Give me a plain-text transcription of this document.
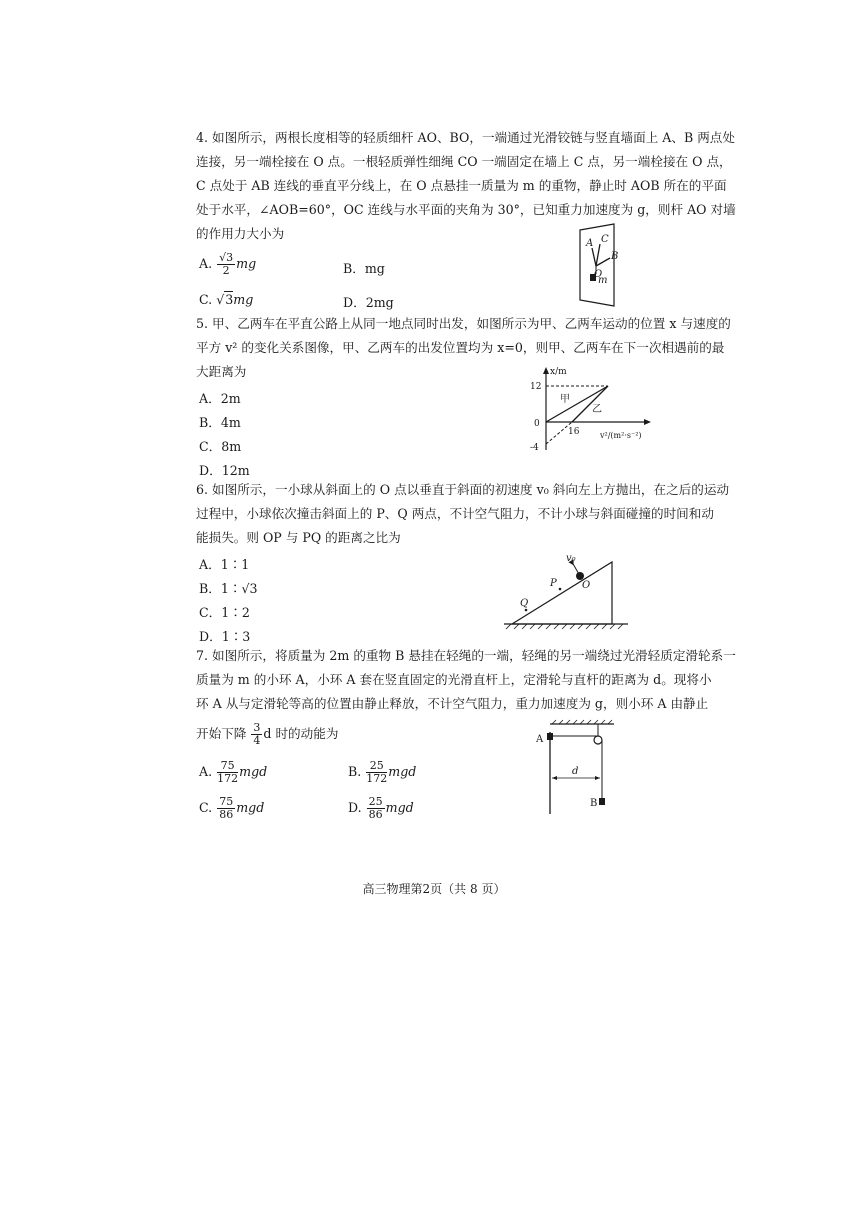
4. 如图所示，两根长度相等的轻质细杆 AO、BO，一端通过光滑铰链与竖直墙面上 A、B 两点处
连接，另一端栓接在 O 点。一根轻质弹性细绳 CO 一端固定在墙上 C 点，另一端栓接在 O 点，
C 点处于 AB 连线的垂直平分线上，在 O 点悬挂一质量为 m 的重物，静止时 AOB 所在的平面
处于水平，∠AOB=60°，OC 连线与水平面的夹角为 30°，已知重力加速度为 g，则杆 AO 对墙
的作用力大小为
A. $\frac{√3}{2}$ mg	B．mg
C. √3mg	D．2mg
A C
B
O
m
5. 甲、乙两车在平直公路上从同一地点同时出发，如图所示为甲、乙两车运动的位置 x 与速度的
平方 v² 的变化关系图像，甲、乙两车的出发位置均为 x=0，则甲、乙两车在下一次相遇前的最
大距离为
A．2m
B．4m
C．8m
D．12m
x/m
12
0
-4
16	v²/(m²·s⁻²)
甲
乙
6. 如图所示，一小球从斜面上的 O 点以垂直于斜面的初速度 v₀ 斜向左上方抛出，在之后的运动
过程中，小球依次撞击斜面上的 P、Q 两点，不计空气阻力，不计小球与斜面碰撞的时间和动
能损失。则 OP 与 PQ 的距离之比为
A．1∶1
B．1∶√3
C．1∶2
D．1∶3
v₀
O
P
Q
7. 如图所示，将质量为 2m 的重物 B 悬挂在轻绳的一端，轻绳的另一端绕过光滑轻质定滑轮系一
质量为 m 的小环 A，小环 A 套在竖直固定的光滑直杆上，定滑轮与直杆的距离为 d。现将小
环 A 从与定滑轮等高的位置由静止释放，不计空气阻力，重力加速度为 g，则小环 A 由静止
开始下降 $\frac{3}{4}$ d 时的动能为
A. $\frac{75}{172}$ mgd	B. $\frac{25}{172}$ mgd
C. $\frac{75}{86}$ mgd	D. $\frac{25}{86}$ mgd
A
B
d
高三物理第2页（共 8 页）
